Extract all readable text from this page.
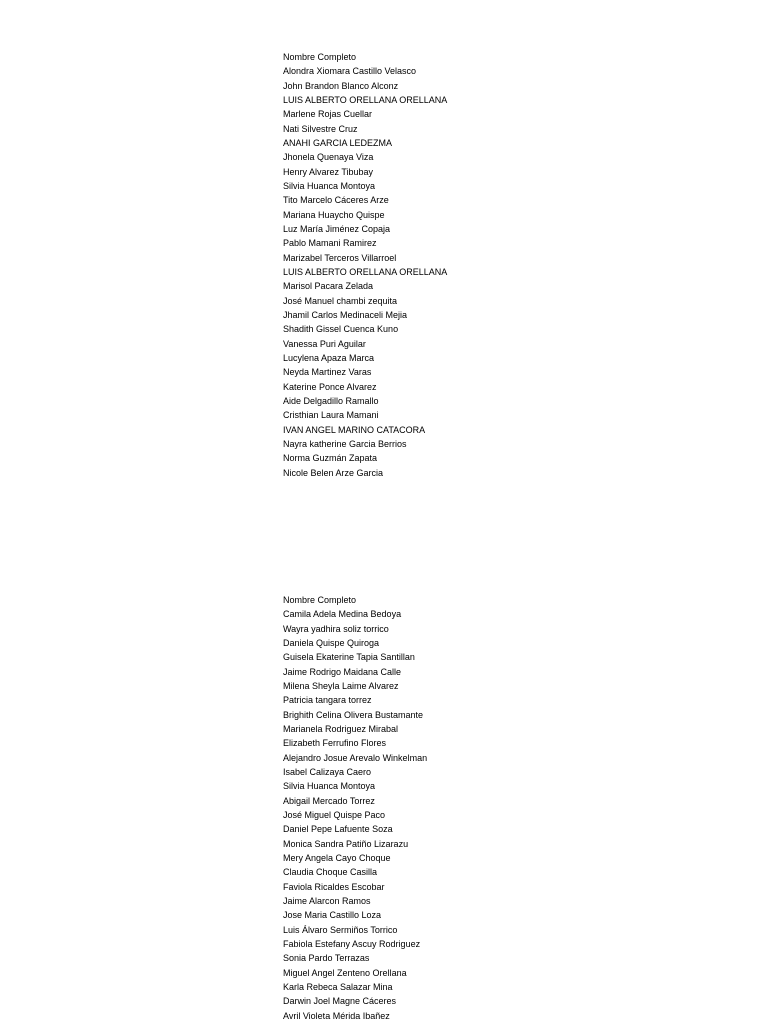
Nombre Completo
Alondra Xiomara Castillo Velasco
John Brandon Blanco Alconz
LUIS ALBERTO ORELLANA ORELLANA
Marlene Rojas Cuellar
Nati Silvestre Cruz
ANAHI GARCIA LEDEZMA
Jhonela Quenaya Viza
Henry Alvarez Tibubay
Silvia Huanca Montoya
Tito Marcelo Cáceres Arze
Mariana Huaycho Quispe
Luz María Jiménez Copaja
Pablo Mamani Ramirez
Marizabel Terceros Villarroel
LUIS ALBERTO ORELLANA ORELLANA
Marisol Pacara Zelada
José Manuel chambi zequita
Jhamil Carlos Medinaceli Mejia
Shadith Gissel Cuenca Kuno
Vanessa Puri Aguilar
Lucylena Apaza Marca
Neyda Martinez Varas
Katerine Ponce Alvarez
Aide Delgadillo Ramallo
Cristhian Laura Mamani
IVAN ANGEL MARINO CATACORA
Nayra katherine Garcia Berrios
Norma Guzmán Zapata
Nicole Belen Arze Garcia
Nombre Completo
Camila Adela Medina Bedoya
Wayra yadhira soliz torrico
Daniela Quispe Quiroga
Guisela Ekaterine Tapia Santillan
Jaime Rodrigo Maidana Calle
Milena Sheyla Laime Alvarez
Patricia tangara torrez
Brighith Celina Olivera Bustamante
Marianela Rodriguez Mirabal
Elizabeth Ferrufino Flores
Alejandro Josue Arevalo Winkelman
Isabel Calizaya Caero
Silvia Huanca Montoya
Abigail Mercado Torrez
José Miguel Quispe Paco
Daniel Pepe Lafuente Soza
Monica Sandra Patiño Lizarazu
Mery Angela Cayo Choque
Claudia Choque Casilla
Faviola Ricaldes Escobar
Jaime Alarcon Ramos
Jose Maria Castillo Loza
Luis Álvaro Sermiños Torrico
Fabiola Estefany Ascuy Rodriguez
Sonia Pardo Terrazas
Miguel Angel Zenteno Orellana
Karla Rebeca Salazar Mina
Darwin Joel Magne Cáceres
Avril Violeta Mérida Ibañez
